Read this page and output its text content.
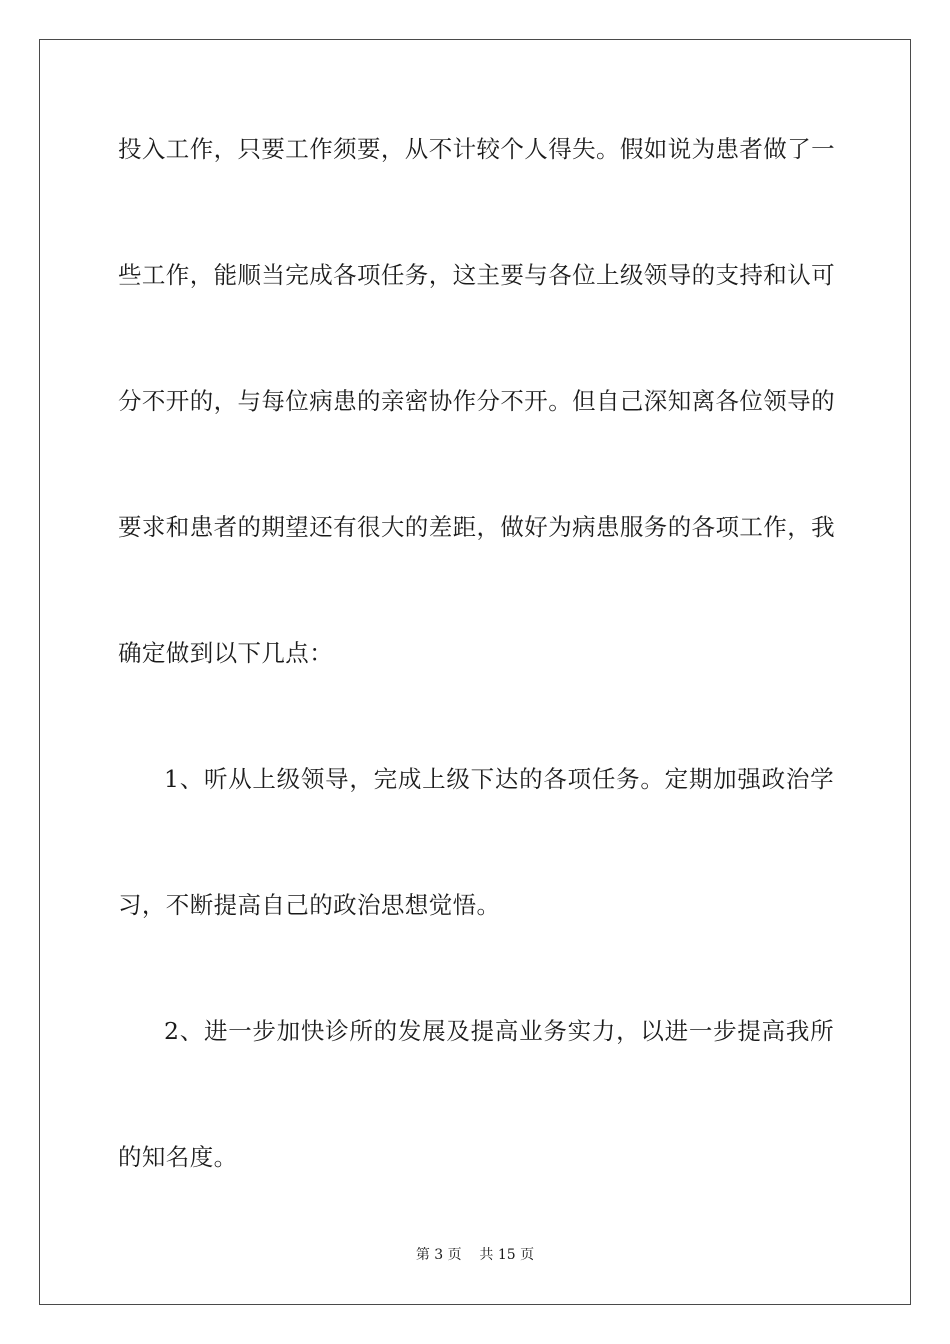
投入工作，只要工作须要，从不计较个人得失。假如说为患者做了一

些工作，能顺当完成各项任务，这主要与各位上级领导的支持和认可

分不开的，与每位病患的亲密协作分不开。但自己深知离各位领导的

要求和患者的期望还有很大的差距，做好为病患服务的各项工作，我

确定做到以下几点：

1、听从上级领导，完成上级下达的各项任务。定期加强政治学

习，不断提高自己的政治思想觉悟。

2、进一步加快诊所的发展及提高业务实力，以进一步提高我所

的知名度。

第 3 页    共 15 页
